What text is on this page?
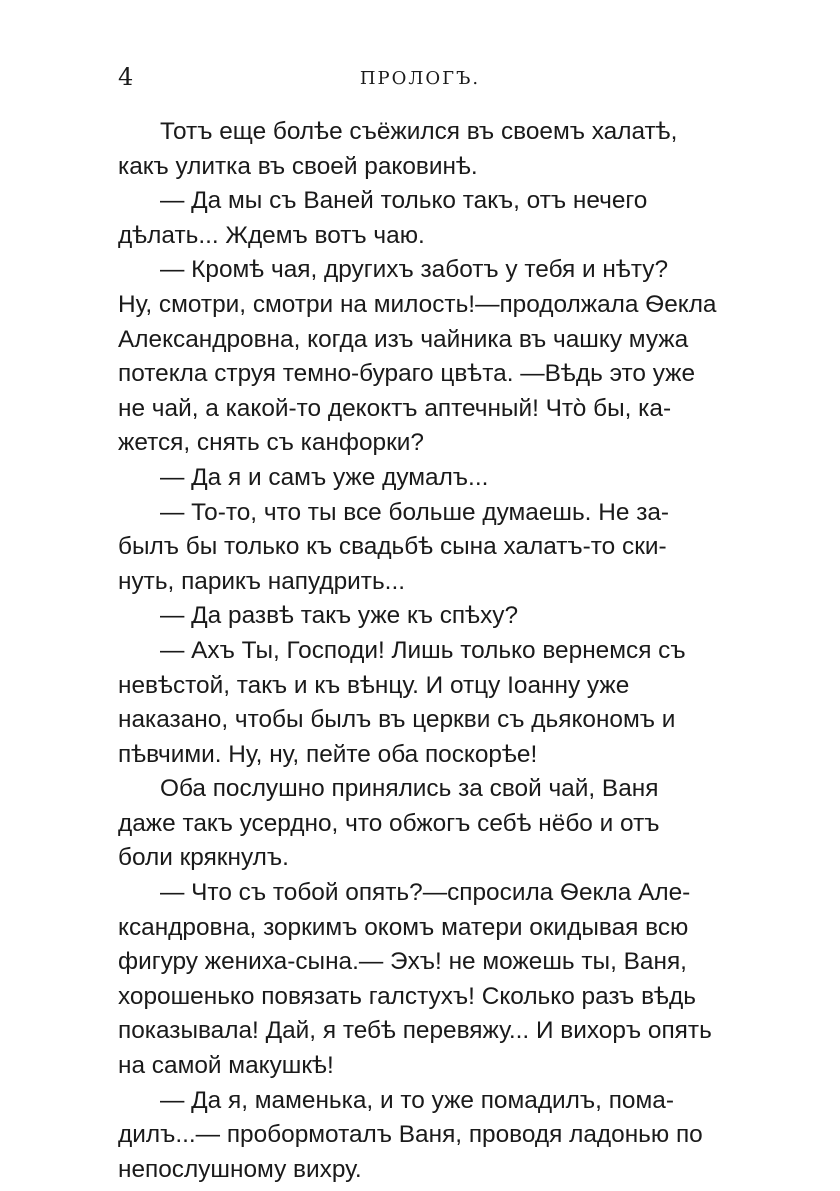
4	ПРОЛОГЪ.

Тотъ еще болѣе съёжился въ своемъ халатѣ,
какъ улитка въ своей раковинѣ.

— Да мы съ Ваней только такъ, отъ нечего
дѣлать... Ждемъ вотъ чаю.

— Кромѣ чая, другихъ заботъ у тебя и нѣту?
Ну, смотри, смотри на милость!—продолжала Ѳекла
Александровна, когда изъ чайника въ чашку мужа
потекла струя темно-бураго цвѣта. —Вѣдь это уже
не чай, а какой-то декоктъ аптечный! Что̀ бы, ка-
жется, снять съ канфорки?

— Да я и самъ уже думалъ...

— То-то, что ты все больше думаешь. Не за-
былъ бы только къ свадьбѣ сына халатъ-то ски-
нуть, парикъ напудрить...

— Да развѣ такъ уже къ спѣху?

— Ахъ Ты, Господи! Лишь только вернемся съ
невѣстой, такъ и къ вѣнцу. И отцу Іоанну уже
наказано, чтобы былъ въ церкви съ дьякономъ и
пѣвчими. Ну, ну, пейте оба поскорѣе!

Оба послушно принялись за свой чай, Ваня
даже такъ усердно, что обжогъ себѣ нёбо и отъ
боли крякнулъ.

— Что съ тобой опять?—спросила Ѳекла Але-
ксандровна, зоркимъ окомъ матери окидывая всю
фигуру жениха-сына.— Эхъ! не можешь ты, Ваня,
хорошенько повязать галстухъ! Сколько разъ вѣдь
показывала! Дай, я тебѣ перевяжу... И вихоръ опять
на самой макушкѣ!

— Да я, маменька, и то уже помадилъ, пома-
дилъ...— пробормоталъ Ваня, проводя ладонью по
непослушному вихру.
